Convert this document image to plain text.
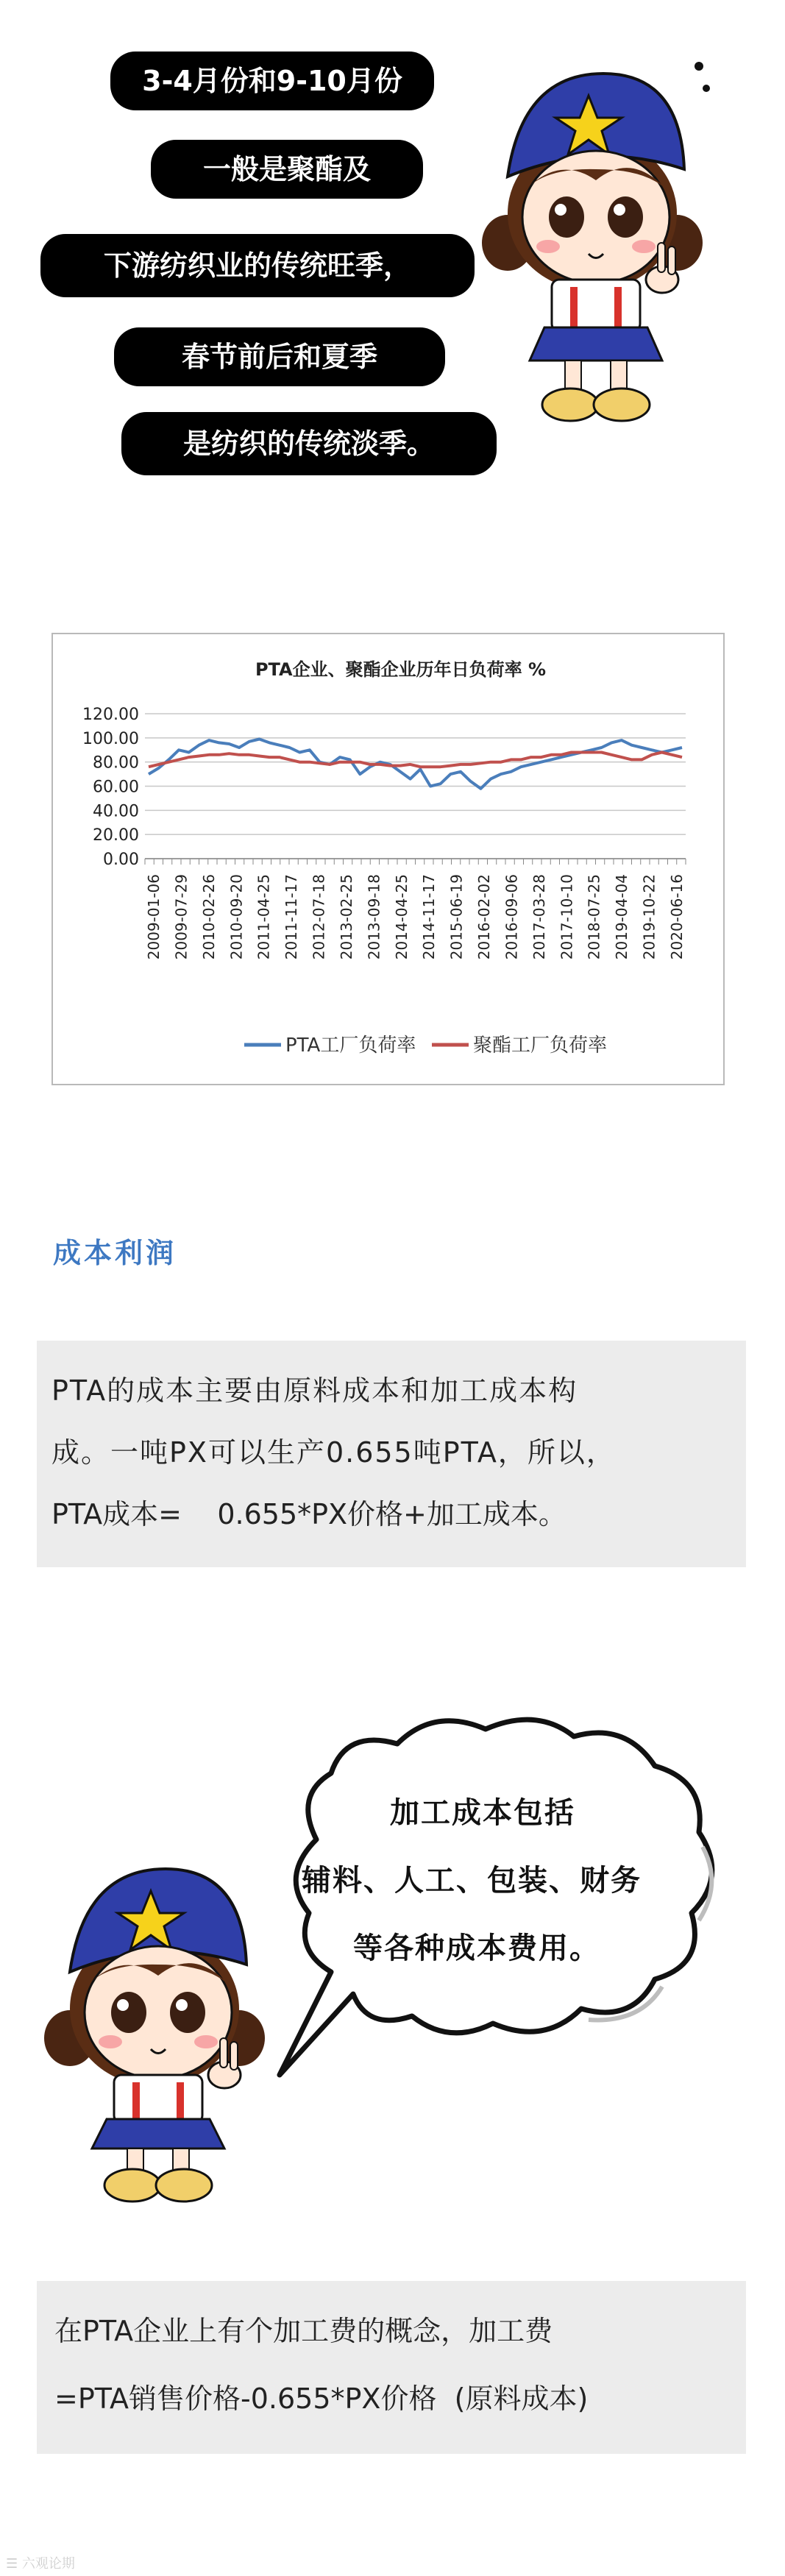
3-4月份和9-10月份
一般是聚酯及
下游纺织业的传统旺季，
春节前后和夏季
是纺织的传统淡季。
PTA企业、聚酯企业历年日负荷率 %
120.00
100.00
80.00
60.00
40.00
20.00
0.00
2009-01-06 2009-07-29 2010-02-26 2010-09-20 2011-04-25 2011-11-17 2012-07-18 2013-02-25 2013-09-18 2014-04-25 2014-11-17 2015-06-19 2016-02-02 2016-09-06 2017-03-28 2017-10-10 2018-07-25 2019-04-04 2019-10-22 2020-06-16
PTA工厂负荷率	聚酯工厂负荷率
成本利润
PTA的成本主要由原料成本和加工成本构
成。一吨PX可以生产0.655吨PTA，所以，
PTA成本=    0.655*PX价格+加工成本。
加工成本包括
辅料、人工、包装、财务
等各种成本费用。
在PTA企业上有个加工费的概念，加工费
=PTA销售价格-0.655*PX价格  (原料成本)
☰ 六观论期
